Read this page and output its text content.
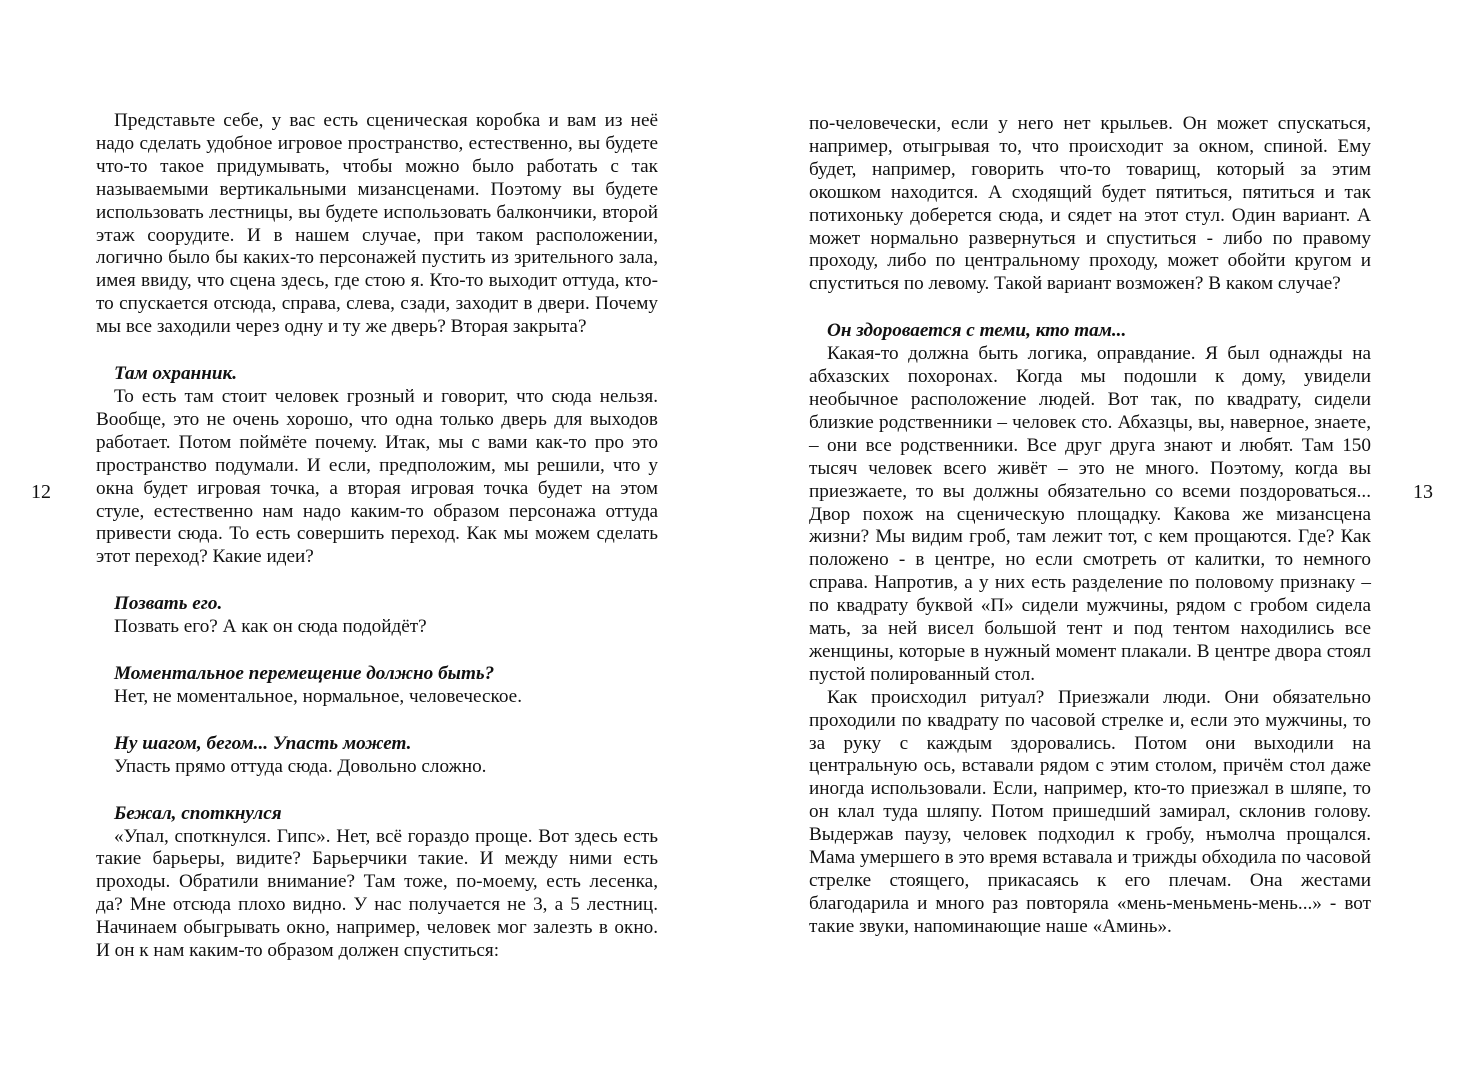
12

Представьте себе, у вас есть сценическая коробка и вам из неё надо сделать удобное игровое пространство, естественно, вы будете что-то такое придумывать, чтобы можно было работать с так называемыми вертикальными мизансценами. Поэтому вы будете использовать лестницы, вы будете использовать балкончики, второй этаж соорудите. И в нашем случае, при таком расположении, логично было бы каких-то персонажей пустить из зрительного зала, имея ввиду, что сцена здесь, где стою я. Кто-то выходит оттуда, кто-то спускается отсюда, справа, слева, сзади, заходит в двери. Почему мы все заходили через одну и ту же дверь? Вторая закрыта?

Там охранник.

То есть там стоит человек грозный и говорит, что сюда нельзя. Вообще, это не очень хорошо, что одна только дверь для выходов работает. Потом поймёте почему. Итак, мы с вами как-то про это пространство подумали. И если, предположим, мы решили, что у окна будет игровая точка, а вторая игровая точка будет на этом стуле, естественно нам надо каким-то образом персонажа оттуда привести сюда. То есть совершить переход. Как мы можем сделать этот переход? Какие идеи?

Позвать его.

Позвать его? А как он сюда подойдёт?

Моментальное перемещение должно быть?

Нет, не моментальное, нормальное, человеческое.

Ну шагом, бегом... Упасть может.

Упасть прямо оттуда сюда. Довольно сложно.

Бежал, споткнулся

«Упал, споткнулся. Гипс». Нет, всё гораздо проще. Вот здесь есть такие барьеры, видите? Барьерчики такие. И между ними есть проходы. Обратили внимание? Там тоже, по-моему, есть лесенка, да? Мне отсюда плохо видно. У нас получается не 3, а 5 лестниц. Начинаем обыгрывать окно, например, человек мог залезть в окно. И он к нам каким-то образом должен спуститься:

13

по-человечески, если у него нет крыльев. Он может спускаться, например, отыгрывая то, что происходит за окном, спиной. Ему будет, например, говорить что-то товарищ, который за этим окошком находится. А сходящий будет пятиться, пятиться и так потихоньку доберется сюда, и сядет на этот стул. Один вариант. А может нормально развернуться и спуститься - либо по правому проходу, либо по центральному проходу, может обойти кругом и спуститься по левому. Такой вариант возможен? В каком случае?

Он здороваетcя с теми, кто там...

Какая-то должна быть логика, оправдание. Я был однажды на абхазских похоронах. Когда мы подошли к дому, увидели необычное расположение людей. Вот так, по квадрату, сидели близкие родственники – человек сто. Абхазцы, вы, наверное, знаете, – они все родственники. Все друг друга знают и любят. Там 150 тысяч человек всего живёт – это не много. Поэтому, когда вы приезжаете, то вы должны обязательно со всеми поздороваться... Двор похож на сценическую площадку. Какова же мизансцена жизни? Мы видим гроб, там лежит тот, с кем прощаются. Где? Как положено - в центре, но если смотреть от калитки, то немного справа. Напротив, а у них есть разделение по половому признаку – по квадрату буквой «П» сидели мужчины, рядом с гробом сидела мать, за ней висел большой тент и под тентом находились все женщины, которые в нужный момент плакали. В центре двора стоял пустой полированный стол.

Как происходил ритуал? Приезжали люди. Они обязательно проходили по квадрату по часовой стрелке и, если это мужчины, то за руку с каждым здоровались. Потом они выходили на центральную ось, вставали рядом с этим столом, причём стол даже иногда использовали. Если, например, кто-то приезжал в шляпе, то он клал туда шляпу. Потом пришедший замирал, склонив голову. Выдержав паузу, человек подходил к гробу, нъмолча прощался. Мама умершего в это время вставала и трижды обходила по часовой стрелке стоящего, прикасаясь к его плечам. Она жестами благодарила и много раз повторяла «мень-меньмень-мень...» - вот такие звуки, напоминающие наше «Аминь».
